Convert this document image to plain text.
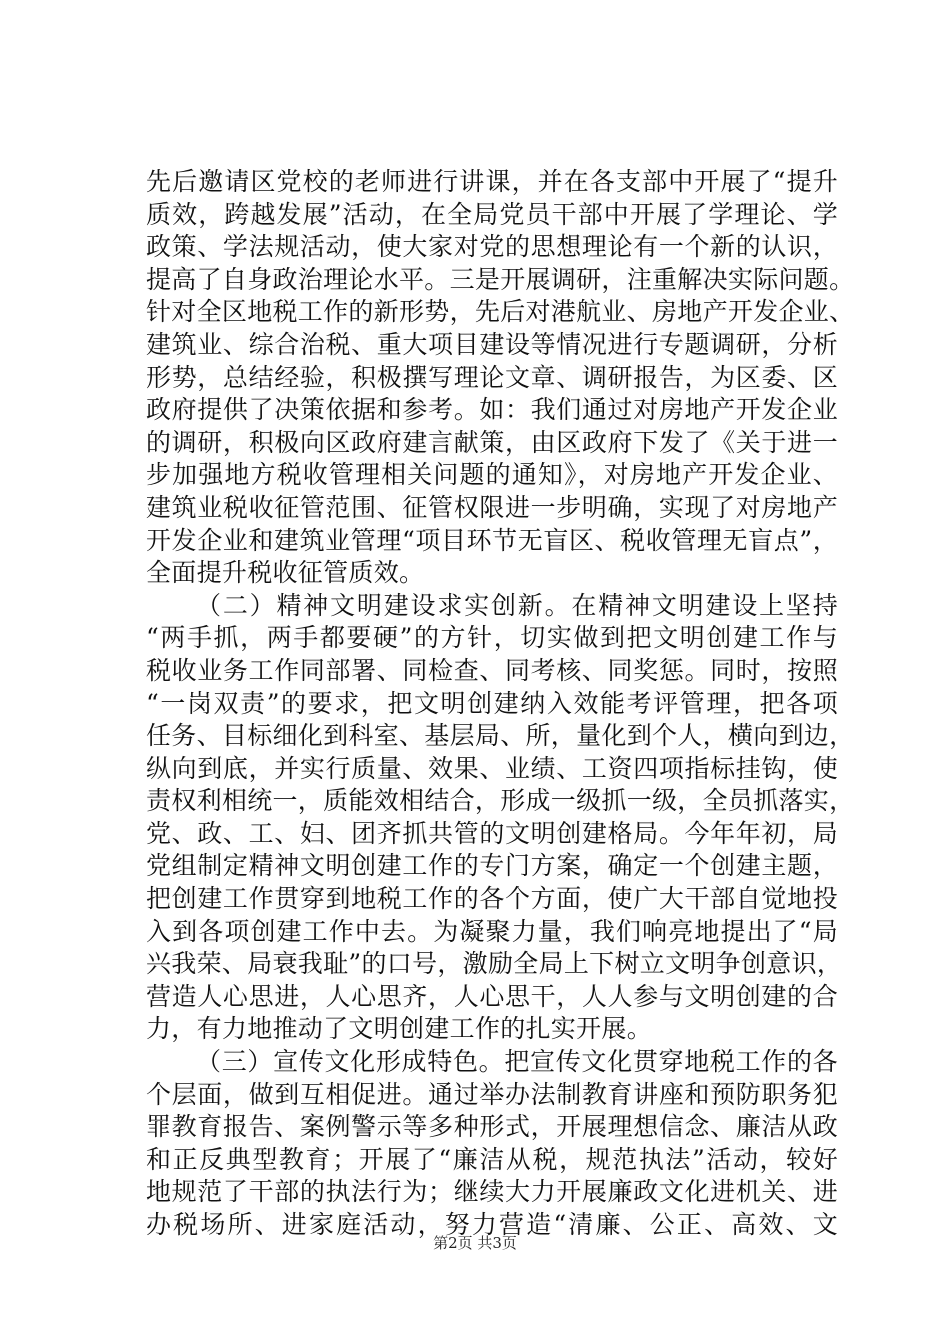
先后邀请区党校的老师进行讲课，并在各支部中开展了“提升
质效，跨越发展”活动，在全局党员干部中开展了学理论、学
政策、学法规活动，使大家对党的思想理论有一个新的认识，
提高了自身政治理论水平。三是开展调研，注重解决实际问题。
针对全区地税工作的新形势，先后对港航业、房地产开发企业、
建筑业、综合治税、重大项目建设等情况进行专题调研，分析
形势，总结经验，积极撰写理论文章、调研报告，为区委、区
政府提供了决策依据和参考。如：我们通过对房地产开发企业
的调研，积极向区政府建言献策，由区政府下发了《关于进一
步加强地方税收管理相关问题的通知》，对房地产开发企业、
建筑业税收征管范围、征管权限进一步明确，实现了对房地产
开发企业和建筑业管理“项目环节无盲区、税收管理无盲点”，
全面提升税收征管质效。
（二）精神文明建设求实创新。在精神文明建设上坚持
“两手抓，两手都要硬”的方针，切实做到把文明创建工作与
税收业务工作同部署、同检查、同考核、同奖惩。同时，按照
“一岗双责”的要求，把文明创建纳入效能考评管理，把各项
任务、目标细化到科室、基层局、所，量化到个人，横向到边，
纵向到底，并实行质量、效果、业绩、工资四项指标挂钩，使
责权利相统一，质能效相结合，形成一级抓一级，全员抓落实，
党、政、工、妇、团齐抓共管的文明创建格局。今年年初，局
党组制定精神文明创建工作的专门方案，确定一个创建主题，
把创建工作贯穿到地税工作的各个方面，使广大干部自觉地投
入到各项创建工作中去。为凝聚力量，我们响亮地提出了“局
兴我荣、局衰我耻”的口号，激励全局上下树立文明争创意识，
营造人心思进，人心思齐，人心思干，人人参与文明创建的合
力，有力地推动了文明创建工作的扎实开展。
（三）宣传文化形成特色。把宣传文化贯穿地税工作的各
个层面，做到互相促进。通过举办法制教育讲座和预防职务犯
罪教育报告、案例警示等多种形式，开展理想信念、廉洁从政
和正反典型教育；开展了“廉洁从税，规范执法”活动，较好
地规范了干部的执法行为；继续大力开展廉政文化进机关、进
办税场所、进家庭活动，努力营造“清廉、公正、高效、文
第2页 共3页
